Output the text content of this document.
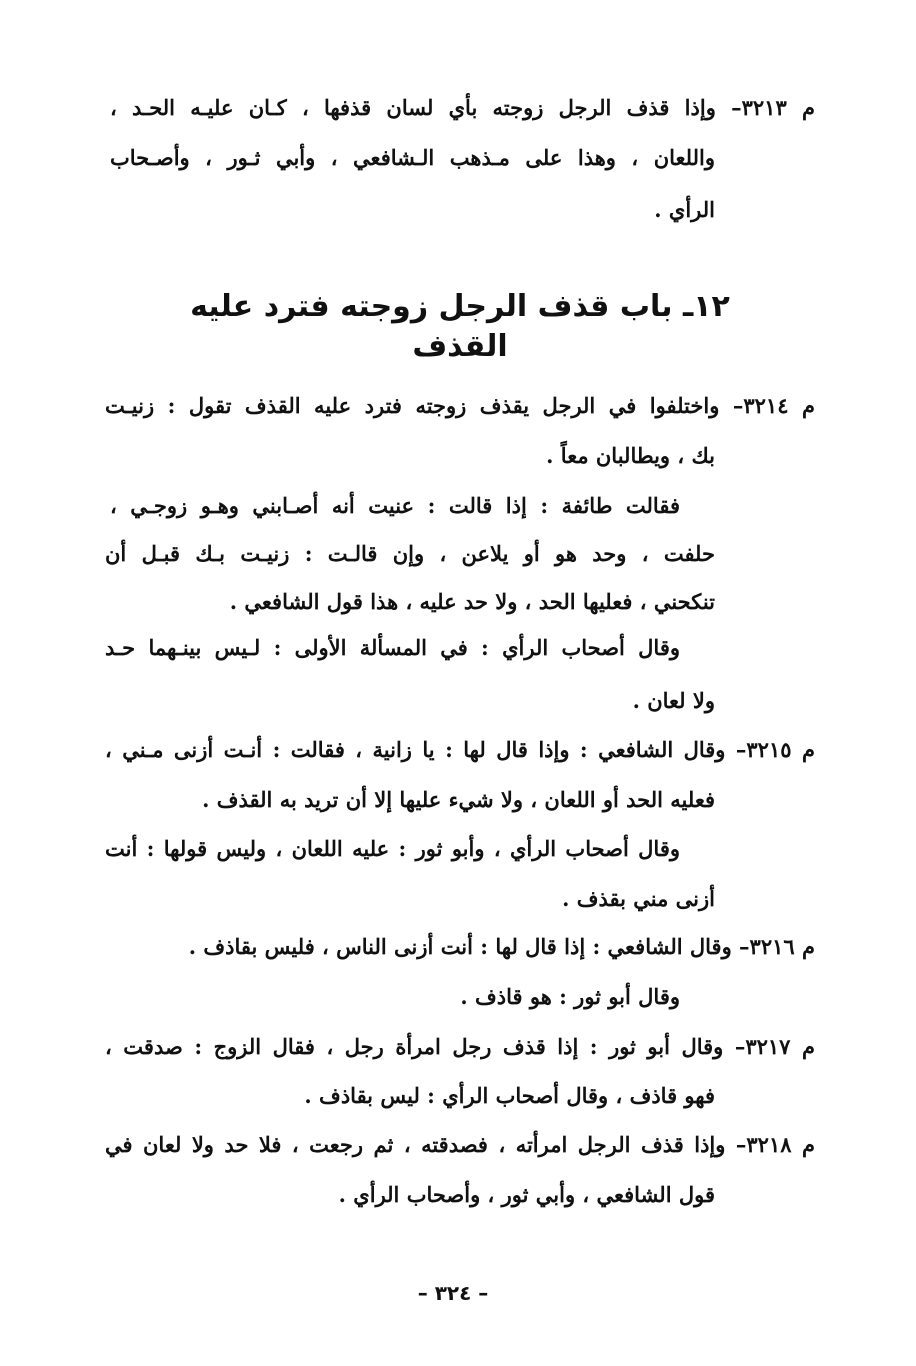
م ٣٢١٣– وإذا قذف الرجل زوجته بأي لسان قذفها ، كـان عليـه الحـد ،
واللعان ، وهذا على مـذهب الـشافعي ، وأبي ثـور ، وأصـحاب
الرأي .
١٢ـ باب قذف الرجل زوجته فترد عليه القذف
م ٣٢١٤– واختلفوا في الرجل يقذف زوجته فترد عليه القذف تقول : زنيـت
بك ، ويطالبان معاً .
فقالت طائفة : إذا قالت : عنيت أنه أصـابني وهـو زوجـي ،
حلفت ، وحد هو أو يلاعن ، وإن قالـت : زنيـت بـك قبـل أن
تنكحني ، فعليها الحد ، ولا حد عليه ، هذا قول الشافعي .
وقال أصحاب الرأي : في المسألة الأولى : لـيس بينـهما حـد
ولا لعان .
م ٣٢١٥– وقال الشافعي : وإذا قال لها : يا زانية ، فقالت : أنـت أزنى مـني ،
فعليه الحد أو اللعان ، ولا شيء عليها إلا أن تريد به القذف .
وقال أصحاب الرأي ، وأبو ثور : عليه اللعان ، وليس قولها : أنت
أزنى مني بقذف .
م ٣٢١٦– وقال الشافعي : إذا قال لها : أنت أزنى الناس ، فليس بقاذف .
وقال أبو ثور : هو قاذف .
م ٣٢١٧– وقال أبو ثور : إذا قذف رجل امرأة رجل ، فقال الزوج : صدقت ،
فهو قاذف ، وقال أصحاب الرأي : ليس بقاذف .
م ٣٢١٨– وإذا قذف الرجل امرأته ، فصدقته ، ثم رجعت ، فلا حد ولا لعان في
قول الشافعي ، وأبي ثور ، وأصحاب الرأي .
– ٣٢٤ –
